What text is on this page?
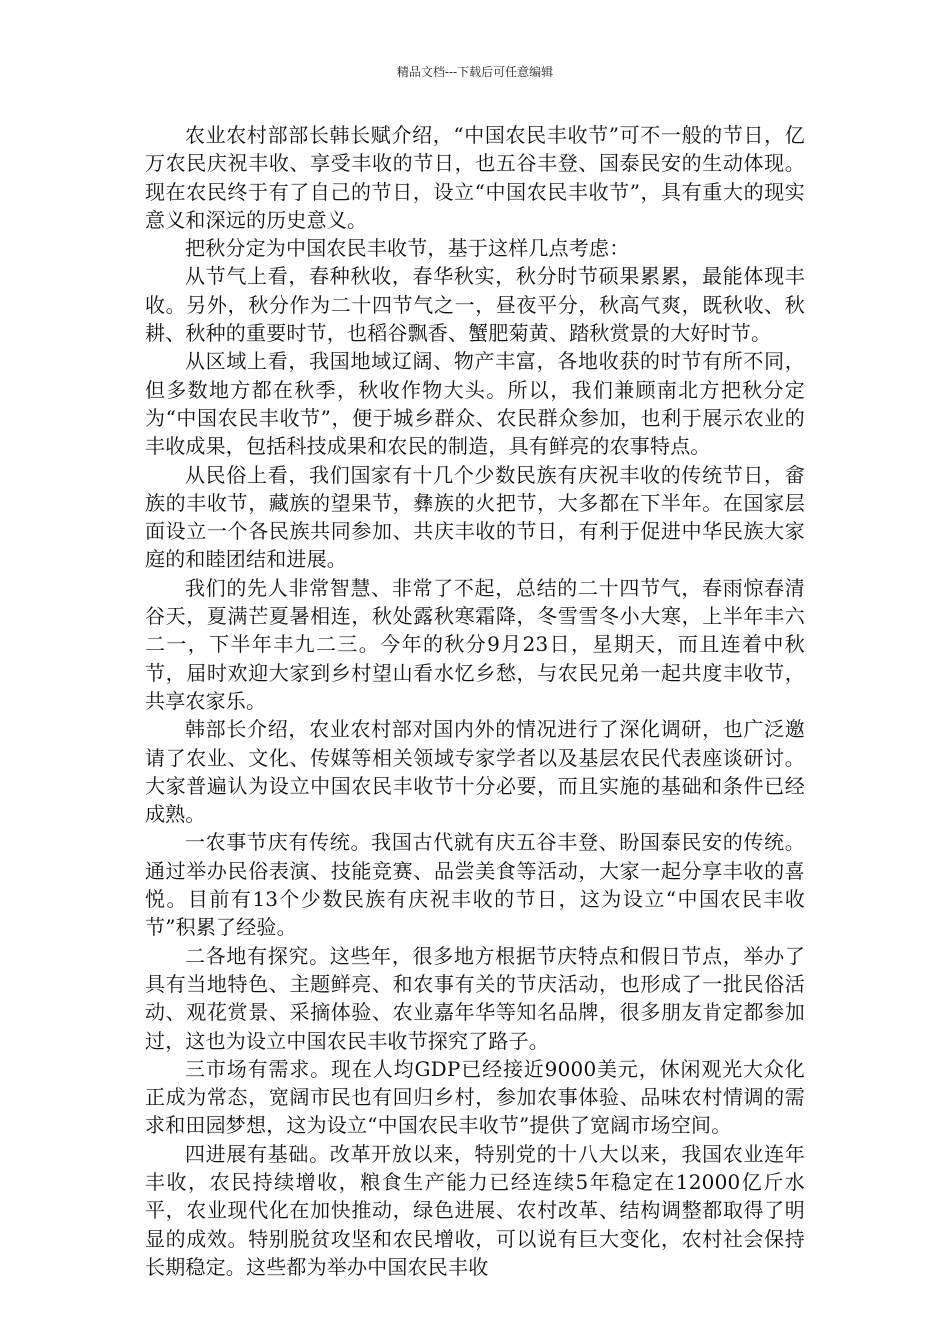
精品文档---下载后可任意编辑

农业农村部部长韩长赋介绍，“中国农民丰收节”可不一般的节日，亿万农民庆祝丰收、享受丰收的节日，也五谷丰登、国泰民安的生动体现。现在农民终于有了自己的节日，设立“中国农民丰收节”，具有重大的现实意义和深远的历史意义。

把秋分定为中国农民丰收节，基于这样几点考虑：

从节气上看，春种秋收，春华秋实，秋分时节硕果累累，最能体现丰收。另外，秋分作为二十四节气之一，昼夜平分，秋高气爽，既秋收、秋耕、秋种的重要时节，也稻谷飘香、蟹肥菊黄、踏秋赏景的大好时节。

从区域上看，我国地域辽阔、物产丰富，各地收获的时节有所不同，但多数地方都在秋季，秋收作物大头。所以，我们兼顾南北方把秋分定为“中国农民丰收节”，便于城乡群众、农民群众参加，也利于展示农业的丰收成果，包括科技成果和农民的制造，具有鲜亮的农事特点。

从民俗上看，我们国家有十几个少数民族有庆祝丰收的传统节日，畲族的丰收节，藏族的望果节，彝族的火把节，大多都在下半年。在国家层面设立一个各民族共同参加、共庆丰收的节日，有利于促进中华民族大家庭的和睦团结和进展。

我们的先人非常智慧、非常了不起，总结的二十四节气，春雨惊春清谷天，夏满芒夏暑相连，秋处露秋寒霜降，冬雪雪冬小大寒，上半年丰六二一，下半年丰九二三。今年的秋分9月23日，星期天，而且连着中秋节，届时欢迎大家到乡村望山看水忆乡愁，与农民兄弟一起共度丰收节，共享农家乐。

韩部长介绍，农业农村部对国内外的情况进行了深化调研，也广泛邀请了农业、文化、传媒等相关领域专家学者以及基层农民代表座谈研讨。大家普遍认为设立中国农民丰收节十分必要，而且实施的基础和条件已经成熟。

一农事节庆有传统。我国古代就有庆五谷丰登、盼国泰民安的传统。通过举办民俗表演、技能竞赛、品尝美食等活动，大家一起分享丰收的喜悦。目前有13个少数民族有庆祝丰收的节日，这为设立“中国农民丰收节”积累了经验。

二各地有探究。这些年，很多地方根据节庆特点和假日节点，举办了具有当地特色、主题鲜亮、和农事有关的节庆活动，也形成了一批民俗活动、观花赏景、采摘体验、农业嘉年华等知名品牌，很多朋友肯定都参加过，这也为设立中国农民丰收节探究了路子。

三市场有需求。现在人均GDP已经接近9000美元，休闲观光大众化正成为常态，宽阔市民也有回归乡村，参加农事体验、品味农村情调的需求和田园梦想，这为设立“中国农民丰收节”提供了宽阔市场空间。

四进展有基础。改革开放以来，特别党的十八大以来，我国农业连年丰收，农民持续增收，粮食生产能力已经连续5年稳定在12000亿斤水平，农业现代化在加快推动，绿色进展、农村改革、结构调整都取得了明显的成效。特别脱贫攻坚和农民增收，可以说有巨大变化，农村社会保持长期稳定。这些都为举办中国农民丰收
